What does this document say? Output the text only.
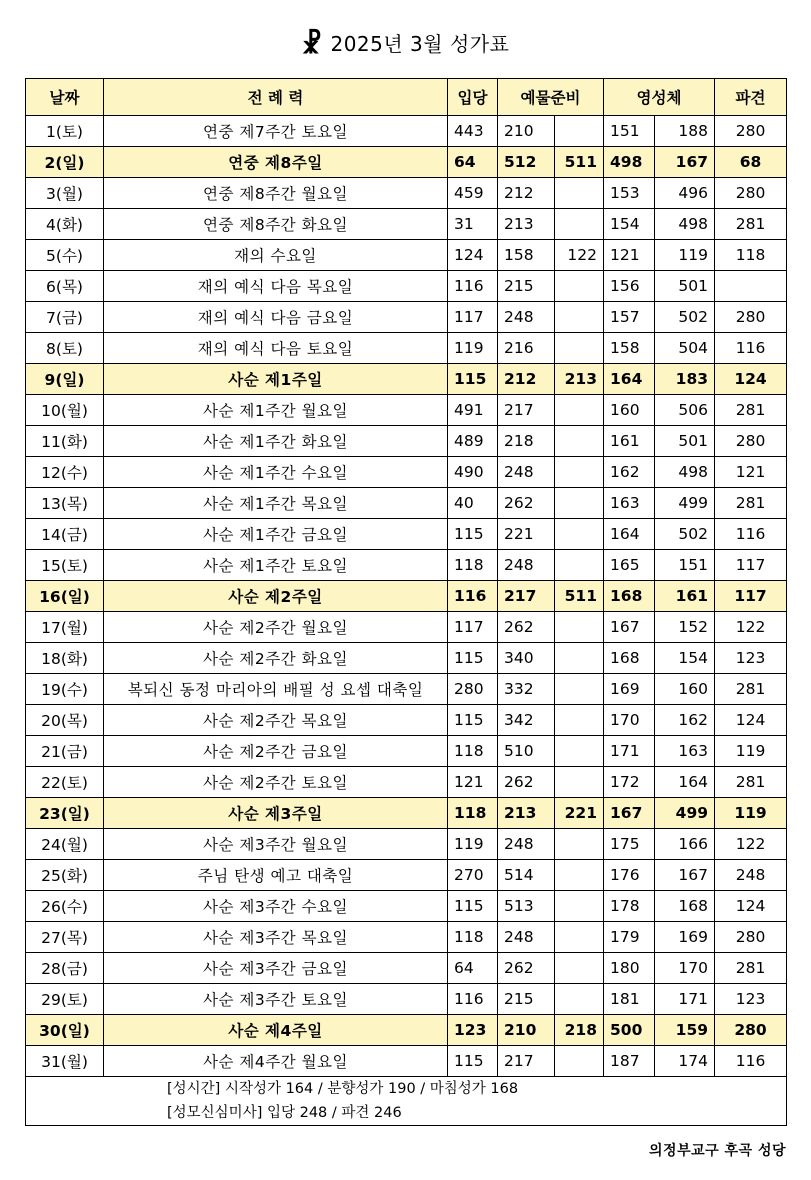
☧ 2025년 3월 성가표
날짜	전 례 력	입당	예물준비		영성체		파견
1(토)	연중 제7주간 토요일	443	210		151	188	280
2(일)	연중 제8주일	64	512	511	498	167	68
3(월)	연중 제8주간 월요일	459	212		153	496	280
4(화)	연중 제8주간 화요일	31	213		154	498	281
5(수)	재의 수요일	124	158	122	121	119	118
6(목)	재의 예식 다음 목요일	116	215		156	501	
7(금)	재의 예식 다음 금요일	117	248		157	502	280
8(토)	재의 예식 다음 토요일	119	216		158	504	116
9(일)	사순 제1주일	115	212	213	164	183	124
10(월)	사순 제1주간 월요일	491	217		160	506	281
11(화)	사순 제1주간 화요일	489	218		161	501	280
12(수)	사순 제1주간 수요일	490	248		162	498	121
13(목)	사순 제1주간 목요일	40	262		163	499	281
14(금)	사순 제1주간 금요일	115	221		164	502	116
15(토)	사순 제1주간 토요일	118	248		165	151	117
16(일)	사순 제2주일	116	217	511	168	161	117
17(월)	사순 제2주간 월요일	117	262		167	152	122
18(화)	사순 제2주간 화요일	115	340		168	154	123
19(수)	복되신 동정 마리아의 배필 성 요셉 대축일	280	332		169	160	281
20(목)	사순 제2주간 목요일	115	342		170	162	124
21(금)	사순 제2주간 금요일	118	510		171	163	119
22(토)	사순 제2주간 토요일	121	262		172	164	281
23(일)	사순 제3주일	118	213	221	167	499	119
24(월)	사순 제3주간 월요일	119	248		175	166	122
25(화)	주님 탄생 예고 대축일	270	514		176	167	248
26(수)	사순 제3주간 수요일	115	513		178	168	124
27(목)	사순 제3주간 목요일	118	248		179	169	280
28(금)	사순 제3주간 금요일	64	262		180	170	281
29(토)	사순 제3주간 토요일	116	215		181	171	123
30(일)	사순 제4주일	123	210	218	500	159	280
31(월)	사순 제4주간 월요일	115	217		187	174	116

[성시간] 시작성가 164 / 분향성가 190 / 마침성가 168
[성모신심미사] 입당 248 / 파견 246							
의정부교구 후곡 성당
